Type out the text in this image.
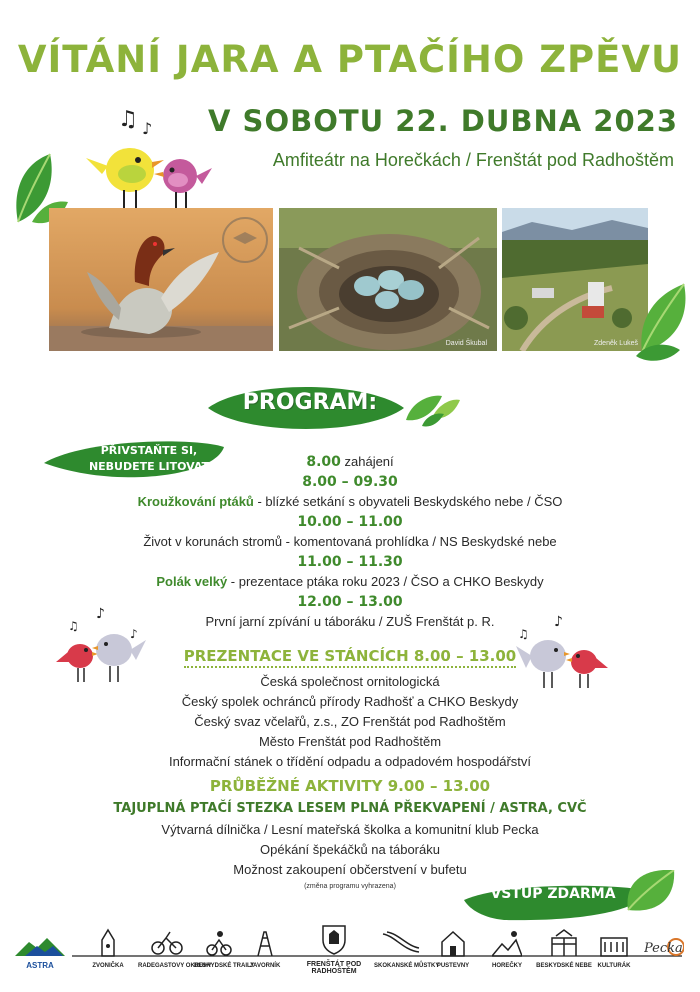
VÍTÁNÍ JARA A PTAČÍHO ZPĚVU
V SOBOTU 22. DUBNA 2023
Amfiteátr na Horečkách / Frenštát pod Radhoštěm
♫ ♪
David Škubal	Zdeněk Lukeš
PROGRAM:
PŘIVSTAŇTE SI,
NEBUDETE LITOVAT	8.00 zahájení
8.00 – 09.30
Kroužkování ptáků - blízké setkání s obyvateli Beskydského nebe / ČSO
10.00 – 11.00
Život v korunách stromů - komentovaná prohlídka / NS Beskydské nebe
11.00 – 11.30
Polák velký - prezentace ptáka roku 2023 / ČSO a CHKO Beskydy
12.00 – 13.00
První jarní zpívání u táboráku / ZUŠ Frenštát p. R.
♪
♫
♪
♪
♫
PREZENTACE VE STÁNCÍCH 8.00 – 13.00
Česká společnost ornitologická
Český spolek ochránců přírody Radhošť a CHKO Beskydy
Český svaz včelařů, z.s., ZO Frenštát pod Radhoštěm
Město Frenštát pod Radhoštěm
Informační stánek o třídění odpadu a odpadovém hospodářství
PRŮBĚŽNÉ AKTIVITY 9.00 – 13.00
TAJUPLNÁ PTAČÍ STEZKA LESEM PLNÁ PŘEKVAPENÍ / ASTRA, CVČ
Výtvarná dílnička / Lesní mateřská školka a komunitní klub Pecka
Opékání špekáčků na táboráku
Možnost zakoupení občerstvení v bufetu
(změna programu vyhrazena)	VSTUP ZDARMA
ASTRA	ZVONIČKA	RADEGASTOVY OKRUHY
BESKYDSKÉ TRAILY
JAVORNÍK	FRENŠTÁT POD RADHOŠTĚM
SKOKANSKÉ MŮSTKY
PUSTEVNY	HOREČKY	BESKYDSKÉ NEBE KULTURÁK
Pecka
